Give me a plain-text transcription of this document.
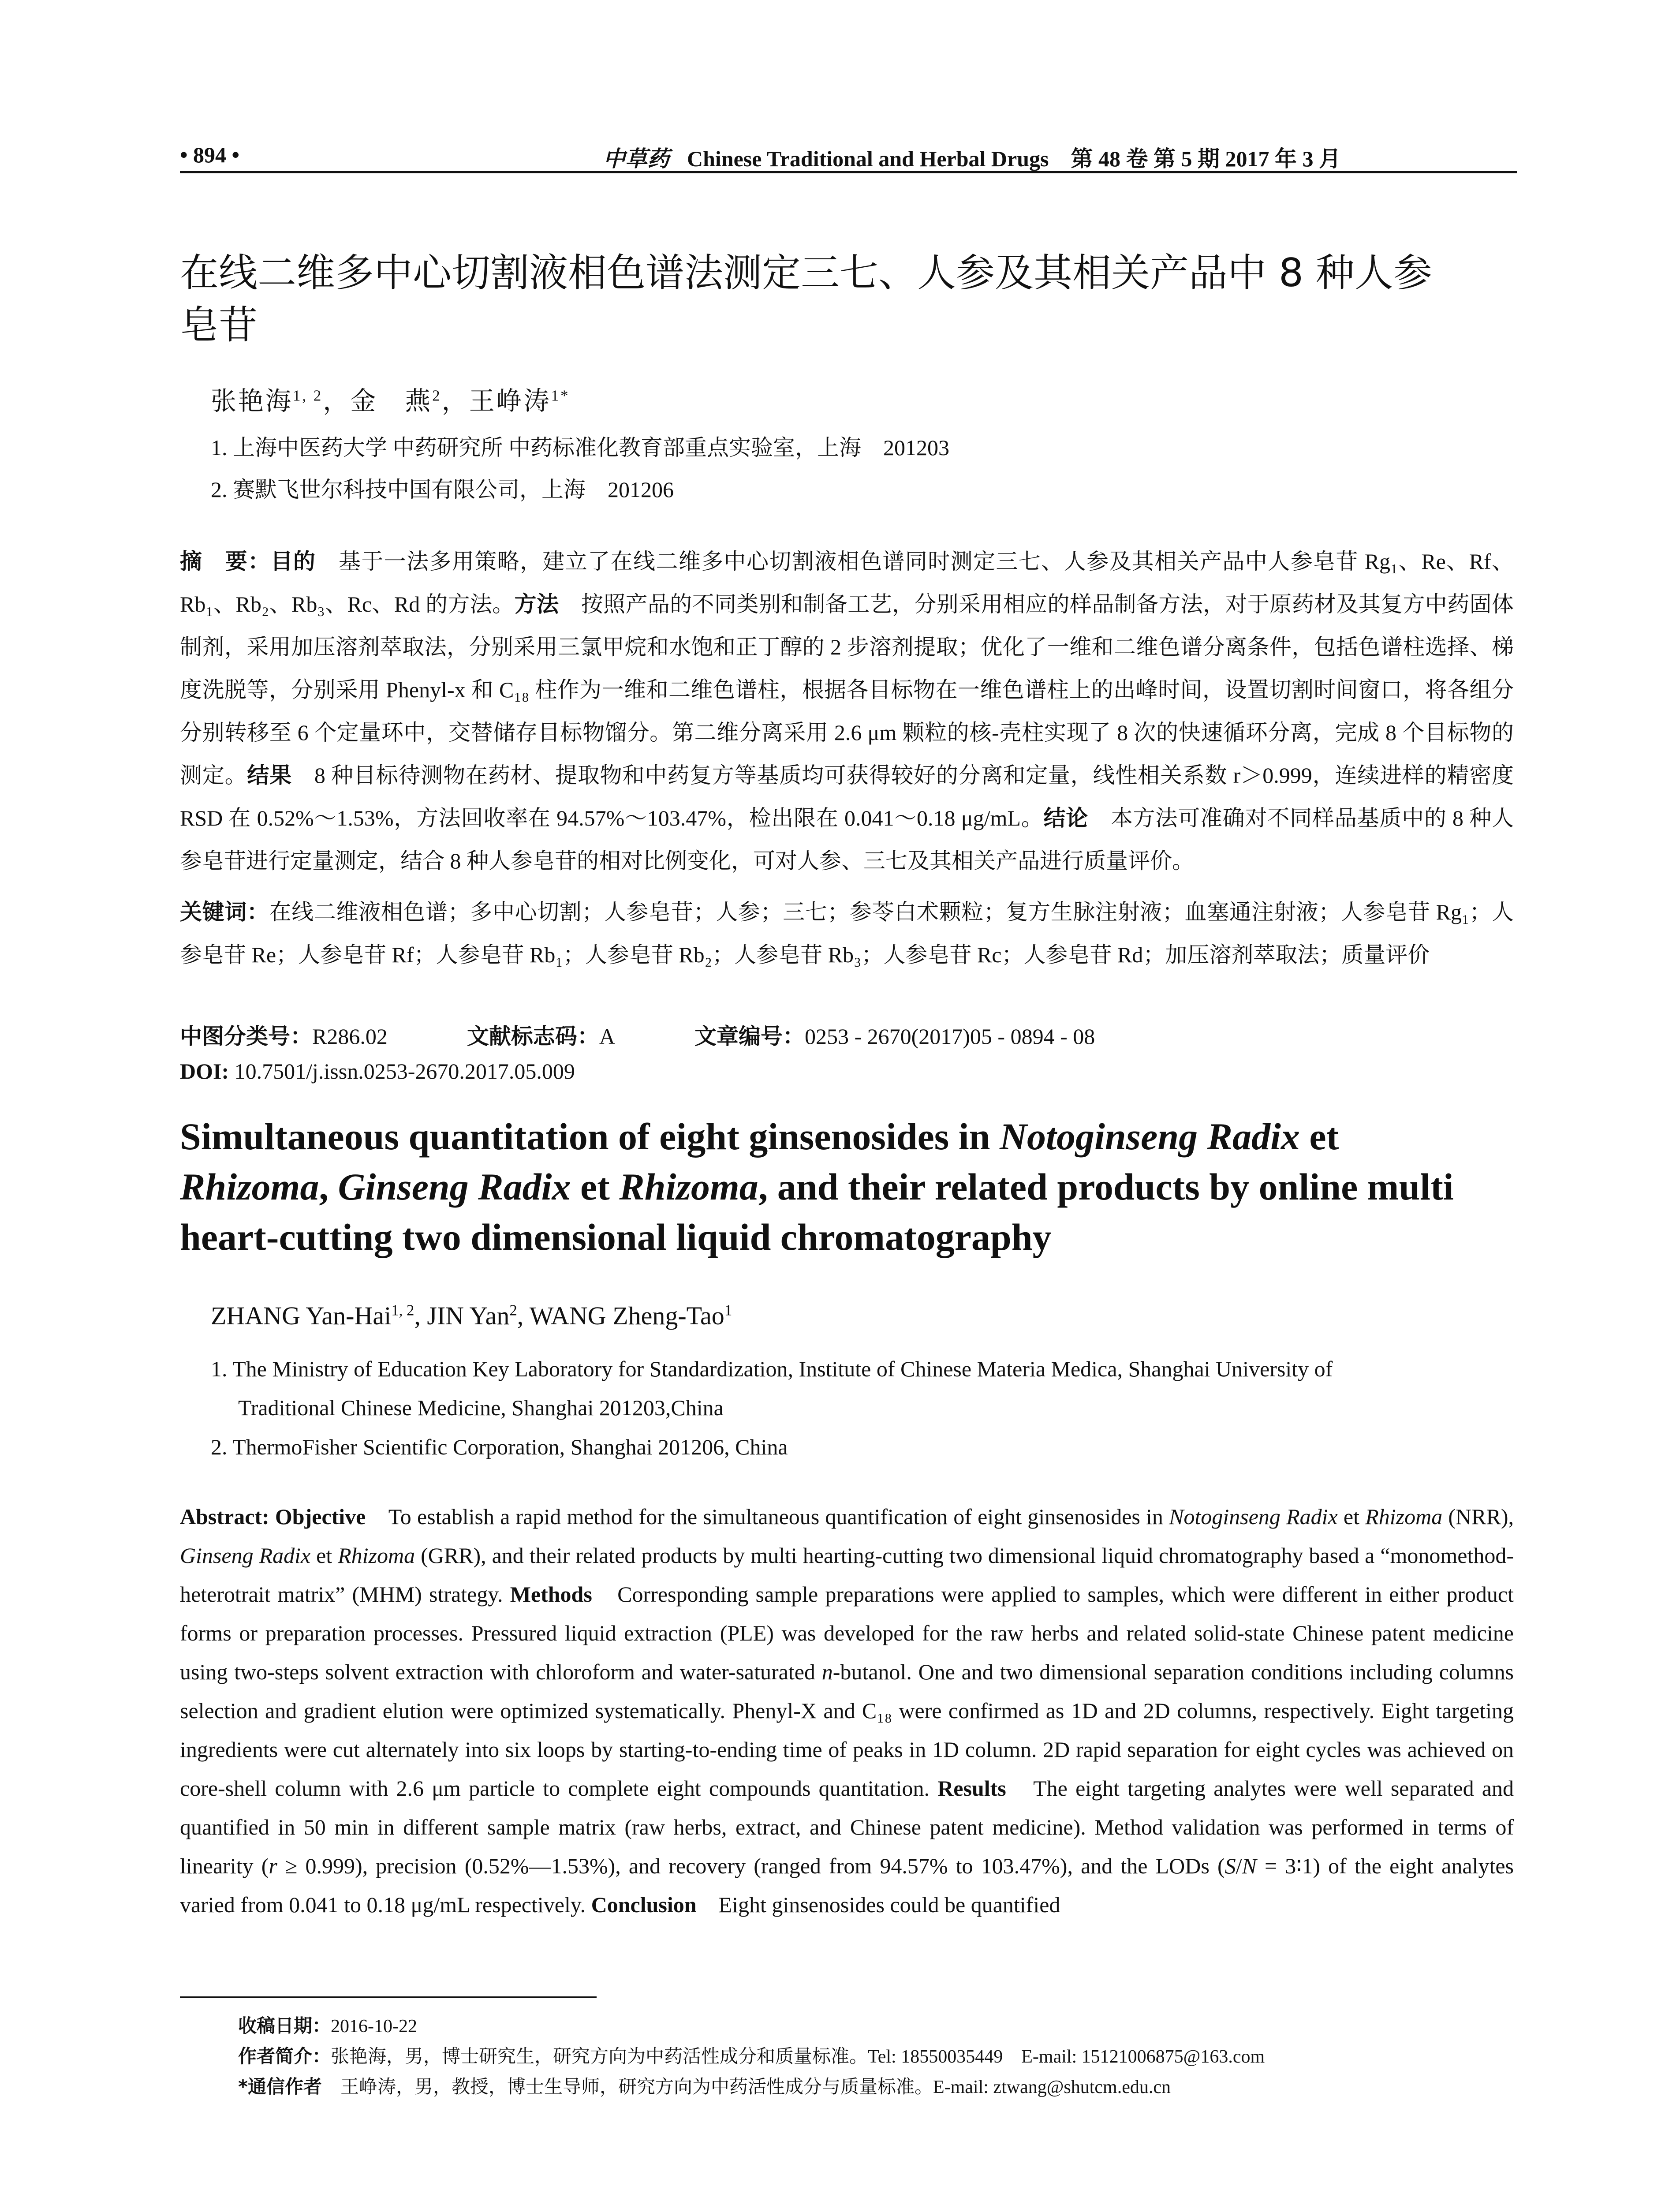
• 894 •	中草药 Chinese Traditional and Herbal Drugs 第 48 卷 第 5 期 2017 年 3 月
在线二维多中心切割液相色谱法测定三七、人参及其相关产品中 8 种人参
皂苷
张艳海$^{1, 2}$，金　燕$^2$，王峥涛$^{1*}$
1. 上海中医药大学 中药研究所 中药标准化教育部重点实验室，上海　201203
2. 赛默飞世尔科技中国有限公司，上海　201206
摘　要：目的　基于一法多用策略，建立了在线二维多中心切割液相色谱同时测定三七、人参及其相关产品中人参皂苷 Rg₁、Re、Rf、Rb₁、Rb₂、Rb₃、Rc、Rd 的方法。方法　按照产品的不同类别和制备工艺，分别采用相应的样品制备方法，对于原药材及其复方中药固体制剂，采用加压溶剂萃取法，分别采用三氯甲烷和水饱和正丁醇的 2 步溶剂提取；优化了一维和二维色谱分离条件，包括色谱柱选择、梯度洗脱等，分别采用 Phenyl-x 和 C₁₈ 柱作为一维和二维色谱柱，根据各目标物在一维色谱柱上的出峰时间，设置切割时间窗口，将各组分分别转移至 6 个定量环中，交替储存目标物馏分。第二维分离采用 2.6 μm 颗粒的核-壳柱实现了 8 次的快速循环分离，完成 8 个目标物的测定。结果　8 种目标待测物在药材、提取物和中药复方等基质均可获得较好的分离和定量，线性相关系数 r＞0.999，连续进样的精密度 RSD 在 0.52%～1.53%，方法回收率在 94.57%～103.47%，检出限在 0.041～0.18 μg/mL。结论　本方法可准确对不同样品基质中的 8 种人参皂苷进行定量测定，结合 8 种人参皂苷的相对比例变化，可对人参、三七及其相关产品进行质量评价。
关键词：在线二维液相色谱；多中心切割；人参皂苷；人参；三七；参苓白术颗粒；复方生脉注射液；血塞通注射液；人参皂苷 Rg₁；人参皂苷 Re；人参皂苷 Rf；人参皂苷 Rb₁；人参皂苷 Rb₂；人参皂苷 Rb₃；人参皂苷 Rc；人参皂苷 Rd；加压溶剂萃取法；质量评价
中图分类号：R286.02	文献标志码：A	文章编号：0253 - 2670(2017)05 - 0894 - 08
DOI: 10.7501/j.issn.0253-2670.2017.05.009
Simultaneous quantitation of eight ginsenosides in Notoginseng Radix et
Rhizoma, Ginseng Radix et Rhizoma, and their related products by online multi
heart-cutting two dimensional liquid chromatography
ZHANG Yan-Hai$^{1, 2}$, JIN Yan$^2$, WANG Zheng-Tao$^1$
1. The Ministry of Education Key Laboratory for Standardization, Institute of Chinese Materia Medica, Shanghai University of
Traditional Chinese Medicine, Shanghai 201203,China
2. ThermoFisher Scientific Corporation, Shanghai 201206, China
Abstract: Objective　To establish a rapid method for the simultaneous quantification of eight ginsenosides in Notoginseng Radix et Rhizoma (NRR), Ginseng Radix et Rhizoma (GRR), and their related products by multi hearting-cutting two dimensional liquid chromatography based a “monomethod-heterotrait matrix” (MHM) strategy. Methods　Corresponding sample preparations were applied to samples, which were different in either product forms or preparation processes. Pressured liquid extraction (PLE) was developed for the raw herbs and related solid-state Chinese patent medicine using two-steps solvent extraction with chloroform and water-saturated n-butanol. One and two dimensional separation conditions including columns selection and gradient elution were optimized systematically. Phenyl-X and C₁₈ were confirmed as 1D and 2D columns, respectively. Eight targeting ingredients were cut alternately into six loops by starting-to-ending time of peaks in 1D column. 2D rapid separation for eight cycles was achieved on core-shell column with 2.6 μm particle to complete eight compounds quantitation. Results　The eight targeting analytes were well separated and quantified in 50 min in different sample matrix (raw herbs, extract, and Chinese patent medicine). Method validation was performed in terms of linearity (r ≥ 0.999), precision (0.52%—1.53%), and recovery (ranged from 94.57% to 103.47%), and the LODs (S/N = 3∶1) of the eight analytes varied from 0.041 to 0.18 μg/mL respectively. Conclusion　Eight ginsenosides could be quantified
收稿日期：2016-10-22
作者简介：张艳海，男，博士研究生，研究方向为中药活性成分和质量标准。Tel: 18550035449　E-mail: 15121006875@163.com
*通信作者　王峥涛，男，教授，博士生导师，研究方向为中药活性成分与质量标准。E-mail: ztwang@shutcm.edu.cn
